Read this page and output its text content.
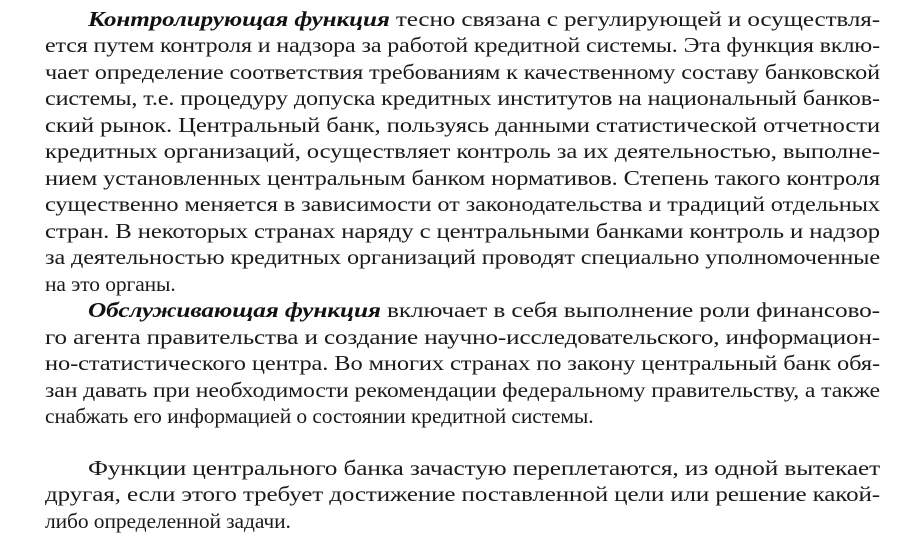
Контролирующая функция тесно связана с регулирующей и осуществля-
ется путем контроля и надзора за работой кредитной системы. Эта функция вклю-
чает определение соответствия требованиям к качественному составу банковской
системы, т.е. процедуру допуска кредитных институтов на национальный банков-
ский рынок. Центральный банк, пользуясь данными статистической отчетности
кредитных организаций, осуществляет контроль за их деятельностью, выполне-
нием установленных центральным банком нормативов. Степень такого контроля
существенно меняется в зависимости от законодательства и традиций отдельных
стран. В некоторых странах наряду с центральными банками контроль и надзор
за деятельностью кредитных организаций проводят специально уполномоченные
на это органы.
Обслуживающая функция включает в себя выполнение роли финансово-
го агента правительства и создание научно-исследовательского, информацион-
но-статистического центра. Во многих странах по закону центральный банк обя-
зан давать при необходимости рекомендации федеральному правительству, а также
снабжать его информацией о состоянии кредитной системы.
Функции центрального банка зачастую переплетаются, из одной вытекает
другая, если этого требует достижение поставленной цели или решение какой-
либо определенной задачи.
